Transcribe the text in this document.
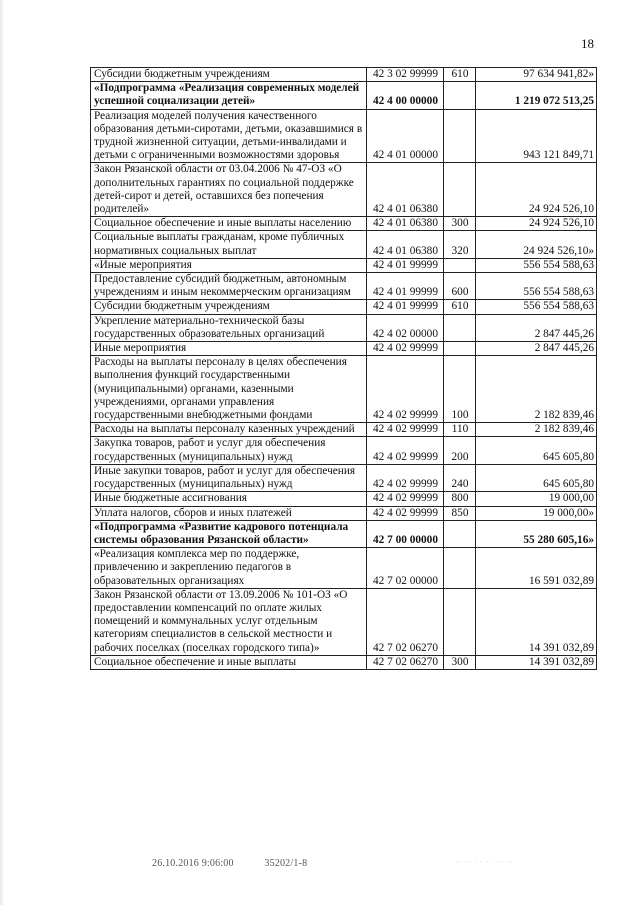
18
Субсидии бюджетным учреждениям	42 3 02 99999	610	97 634 941,82»
«Подпрограмма «Реализация современных моделей успешной социализации детей»	42 4 00 00000		1 219 072 513,25
Реализация моделей получения качественного образования детьми-сиротами, детьми, оказавшимися в трудной жизненной ситуации, детьми-инвалидами и детьми с ограниченными возможностями здоровья	42 4 01 00000		943 121 849,71
Закон Рязанской области от 03.04.2006 № 47-ОЗ «О дополнительных гарантиях по социальной поддержке детей-сирот и детей, оставшихся без попечения родителей»	42 4 01 06380		24 924 526,10
Социальное обеспечение и иные выплаты населению	42 4 01 06380	300	24 924 526,10
Социальные выплаты гражданам, кроме публичных нормативных социальных выплат	42 4 01 06380	320	24 924 526,10»
«Иные мероприятия	42 4 01 99999		556 554 588,63
Предоставление субсидий бюджетным, автономным учреждениям и иным некоммерческим организациям	42 4 01 99999	600	556 554 588,63
Субсидии бюджетным учреждениям	42 4 01 99999	610	556 554 588,63
Укрепление материально-технической базы государственных образовательных организаций	42 4 02 00000		2 847 445,26
Иные мероприятия	42 4 02 99999		2 847 445,26
Расходы на выплаты персоналу в целях обеспечения выполнения функций государственными (муниципальными) органами, казенными учреждениями, органами управления государственными внебюджетными фондами	42 4 02 99999	100	2 182 839,46
Расходы на выплаты персоналу казенных учреждений	42 4 02 99999	110	2 182 839,46
Закупка товаров, работ и услуг для обеспечения государственных (муниципальных) нужд	42 4 02 99999	200	645 605,80
Иные закупки товаров, работ и услуг для обеспечения государственных (муниципальных) нужд	42 4 02 99999	240	645 605,80
Иные бюджетные ассигнования	42 4 02 99999	800	19 000,00
Уплата налогов, сборов и иных платежей	42 4 02 99999	850	19 000,00»
«Подпрограмма «Развитие кадрового потенциала системы образования Рязанской области»	42 7 00 00000		55 280 605,16»
«Реализация комплекса мер по поддержке, привлечению и закреплению педагогов в образовательных организациях	42 7 02 00000		16 591 032,89
Закон Рязанской области от 13.09.2006 № 101-ОЗ «О предоставлении компенсаций по оплате жилых помещений и коммунальных услуг отдельным категориям специалистов в сельской местности и рабочих поселках (поселках городского типа)»	42 7 02 06270		14 391 032,89
Социальное обеспечение и иные выплаты	42 7 02 06270	300	14 391 032,89
26.10.2016 9:06:00	35202/1-8	·· ·· ·· ·· ·· ··
